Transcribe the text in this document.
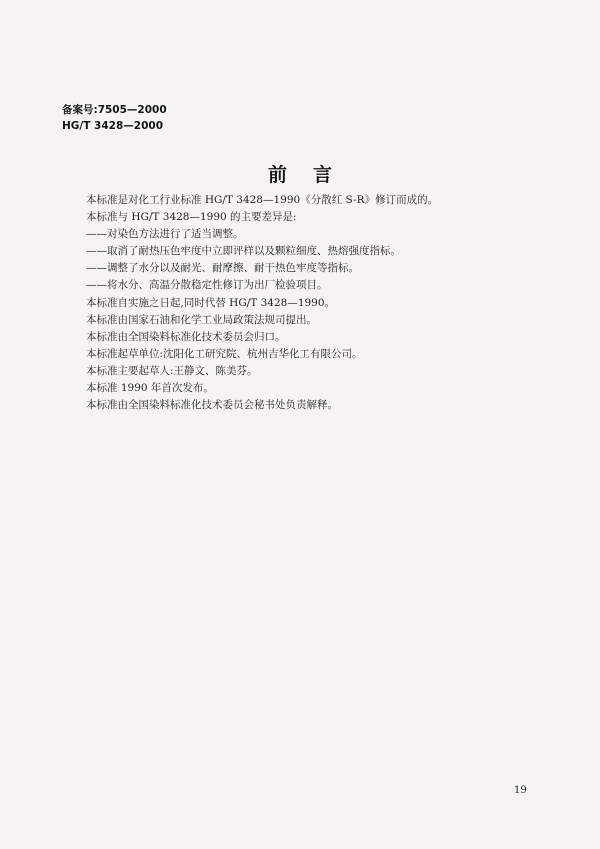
备案号:7505—2000
HG/T 3428—2000
前言
本标准是对化工行业标准 HG/T 3428—1990《分散红 S-R》修订而成的。
本标准与 HG/T 3428—1990 的主要差异是:
——对染色方法进行了适当调整。
——取消了耐热压色牢度中立即评样以及颗粒细度、热熔强度指标。
——调整了水分以及耐光、耐摩擦、耐干热色牢度等指标。
——将水分、高温分散稳定性修订为出厂检验项目。
本标准自实施之日起,同时代替 HG/T 3428—1990。
本标准由国家石油和化学工业局政策法规司提出。
本标准由全国染料标准化技术委员会归口。
本标准起草单位:沈阳化工研究院、杭州吉华化工有限公司。
本标准主要起草人:王静文、陈美芬。
本标准 1990 年首次发布。
本标准由全国染料标准化技术委员会秘书处负责解释。
19
